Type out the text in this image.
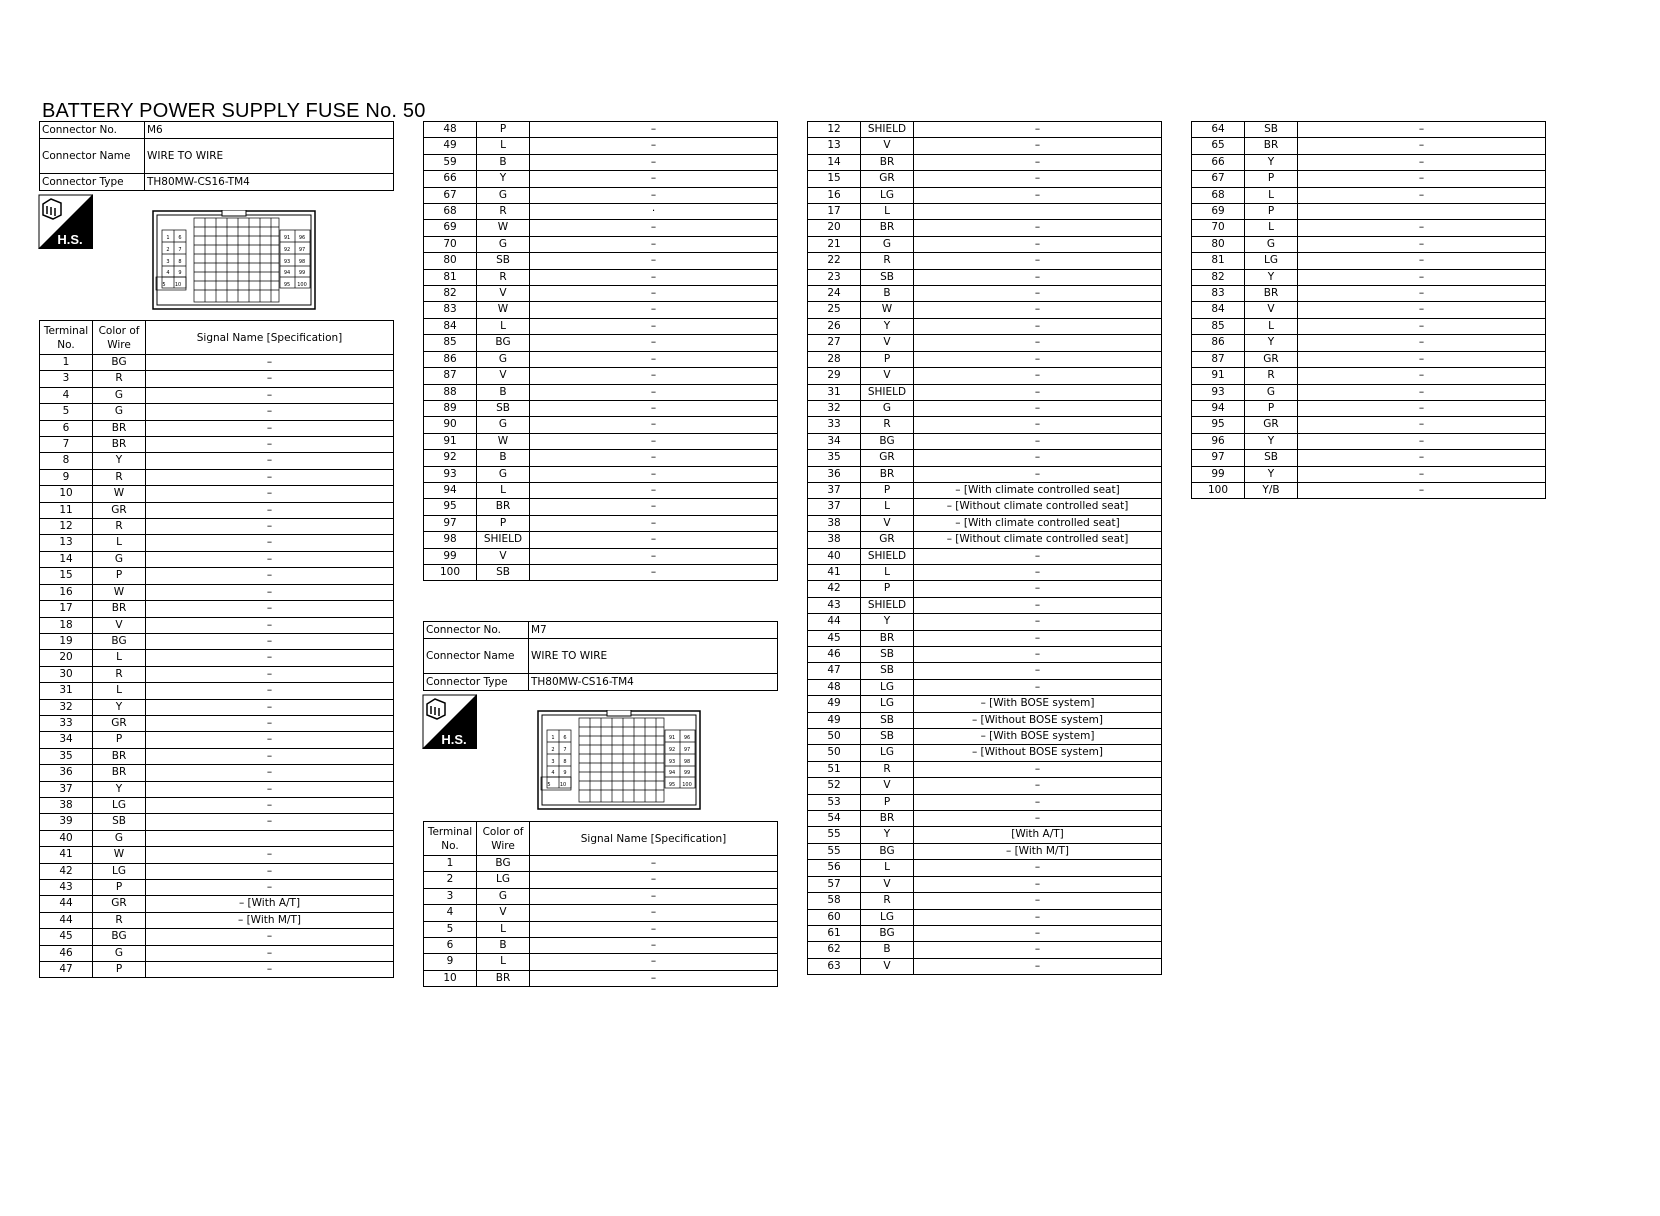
BATTERY POWER SUPPLY FUSE No. 50
Connector No.	M6
Connector Name	WIRE TO WIRE
Connector Type	TH80MW-CS16-TM4
H.S.	1 6
2 7
3 8
4 9
5 10
91 96
92 97
93 98
94 99
95 100
Terminal No.	Color of Wire	Signal Name [Specification]
1	BG	–
3	R	–
4	G	–
5	G	–
6	BR	–
7	BR	–
8	Y	–
9	R	–
10	W	–
11	GR	–
12	R	–
13	L	–
14	G	–
15	P	–
16	W	–
17	BR	–
18	V	–
19	BG	–
20	L	–
30	R	–
31	L	–
32	Y	–
33	GR	–
34	P	–
35	BR	–
36	BR	–
37	Y	–
38	LG	–
39	SB	–
40	G	
41	W	–
42	LG	–
43	P	–
44	GR	– [With A/T]
44	R	– [With M/T]
45	BG	–
46	G	–
47	P	–
48	P	–
49	L	–
59	B	–
66	Y	–
67	G	–
68	R	·
69	W	–
70	G	–
80	SB	–
81	R	–
82	V	–
83	W	–
84	L	–
85	BG	–
86	G	–
87	V	–
88	B	–
89	SB	–
90	G	–
91	W	–
92	B	–
93	G	–
94	L	–
95	BR	–
97	P	–
98	SHIELD	–
99	V	–
100	SB	–
Connector No.	M7
Connector Name	WIRE TO WIRE
Connector Type	TH80MW-CS16-TM4
H.S.	1 6
2 7
3 8
4 9
5 10
91 96
92 97
93 98
94 99
95 100
Terminal No.	Color of Wire	Signal Name [Specification]
1	BG	–
2	LG	–
3	G	–
4	V	–
5	L	–
6	B	–
9	L	–
10	BR	–
12	SHIELD	–
13	V	–
14	BR	–
15	GR	–
16	LG	–
17	L	
20	BR	–
21	G	–
22	R	–
23	SB	–
24	B	–
25	W	–
26	Y	–
27	V	–
28	P	–
29	V	–
31	SHIELD	–
32	G	–
33	R	–
34	BG	–
35	GR	–
36	BR	–
37	P	– [With climate controlled seat]
37	L	– [Without climate controlled seat]
38	V	– [With climate controlled seat]
38	GR	– [Without climate controlled seat]
40	SHIELD	–
41	L	–
42	P	–
43	SHIELD	–
44	Y	–
45	BR	–
46	SB	–
47	SB	–
48	LG	–
49	LG	– [With BOSE system]
49	SB	– [Without BOSE system]
50	SB	– [With BOSE system]
50	LG	– [Without BOSE system]
51	R	–
52	V	–
53	P	–
54	BR	–
55	Y	[With A/T]
55	BG	– [With M/T]
56	L	–
57	V	–
58	R	–
60	LG	–
61	BG	–
62	B	–
63	V	–
64	SB	–
65	BR	–
66	Y	–
67	P	–
68	L	–
69	P	
70	L	–
80	G	–
81	LG	–
82	Y	–
83	BR	–
84	V	–
85	L	–
86	Y	–
87	GR	–
91	R	–
93	G	–
94	P	–
95	GR	–
96	Y	–
97	SB	–
99	Y	–
100	Y/B	–
